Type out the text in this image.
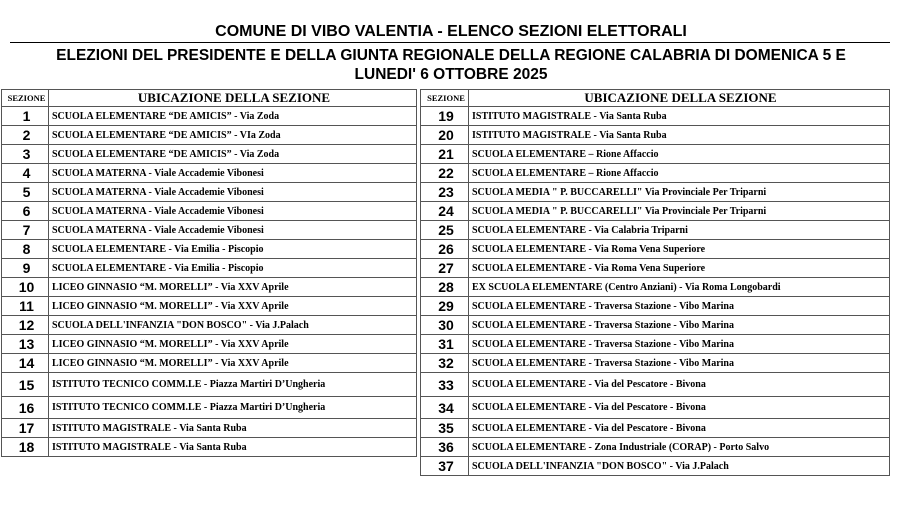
COMUNE DI VIBO VALENTIA - ELENCO SEZIONI ELETTORALI
ELEZIONI DEL PRESIDENTE E DELLA GIUNTA REGIONALE DELLA REGIONE CALABRIA DI DOMENICA 5 E
LUNEDI' 6 OTTOBRE 2025
SEZIONE	UBICAZIONE DELLA SEZIONE
1	SCUOLA ELEMENTARE “DE AMICIS” - Via Zoda
2	SCUOLA ELEMENTARE “DE AMICIS” - VIa Zoda
3	SCUOLA ELEMENTARE “DE AMICIS” - Via Zoda
4	SCUOLA MATERNA - Viale Accademie Vibonesi
5	SCUOLA MATERNA - Viale Accademie Vibonesi
6	SCUOLA MATERNA - Viale Accademie Vibonesi
7	SCUOLA MATERNA - Viale Accademie Vibonesi
8	SCUOLA ELEMENTARE - Via Emilia - Piscopio
9	SCUOLA ELEMENTARE - Via Emilia - Piscopio
10	LICEO GINNASIO “M. MORELLI” - Via XXV Aprile
11	LICEO GINNASIO “M. MORELLI” - Via XXV Aprile
12	SCUOLA DELL'INFANZIA "DON BOSCO" - Via J.Palach
13	LICEO GINNASIO “M. MORELLI” - Via XXV Aprile
14	LICEO GINNASIO “M. MORELLI” - Via XXV Aprile
15	ISTITUTO TECNICO COMM.LE - Piazza Martiri D’Ungheria
16	ISTITUTO TECNICO COMM.LE - Piazza Martiri D’Ungheria
17	ISTITUTO MAGISTRALE - Via Santa Ruba
18	ISTITUTO MAGISTRALE - Via Santa Ruba
SEZIONE	UBICAZIONE DELLA SEZIONE
19	ISTITUTO MAGISTRALE - Via Santa Ruba
20	ISTITUTO MAGISTRALE - Via Santa Ruba
21	SCUOLA ELEMENTARE – Rione Affaccio
22	SCUOLA ELEMENTARE – Rione Affaccio
23	SCUOLA MEDIA " P. BUCCARELLI" Via Provinciale Per Triparni
24	SCUOLA MEDIA " P. BUCCARELLI" Via Provinciale Per Triparni
25	SCUOLA ELEMENTARE - Via Calabria Triparni
26	SCUOLA ELEMENTARE - Via Roma Vena Superiore
27	SCUOLA ELEMENTARE - Via Roma Vena Superiore
28	EX SCUOLA ELEMENTARE (Centro Anziani) - Via Roma Longobardi
29	SCUOLA ELEMENTARE - Traversa Stazione - Vibo Marina
30	SCUOLA ELEMENTARE - Traversa Stazione - Vibo Marina
31	SCUOLA ELEMENTARE - Traversa Stazione - Vibo Marina
32	SCUOLA ELEMENTARE - Traversa Stazione - Vibo Marina
33	SCUOLA ELEMENTARE - Via del Pescatore - Bivona
34	SCUOLA ELEMENTARE - Via del Pescatore - Bivona
35	SCUOLA ELEMENTARE - Via del Pescatore - Bivona
36	SCUOLA ELEMENTARE - Zona Industriale (CORAP) - Porto Salvo
37	SCUOLA DELL'INFANZIA "DON BOSCO" - Via J.Palach
